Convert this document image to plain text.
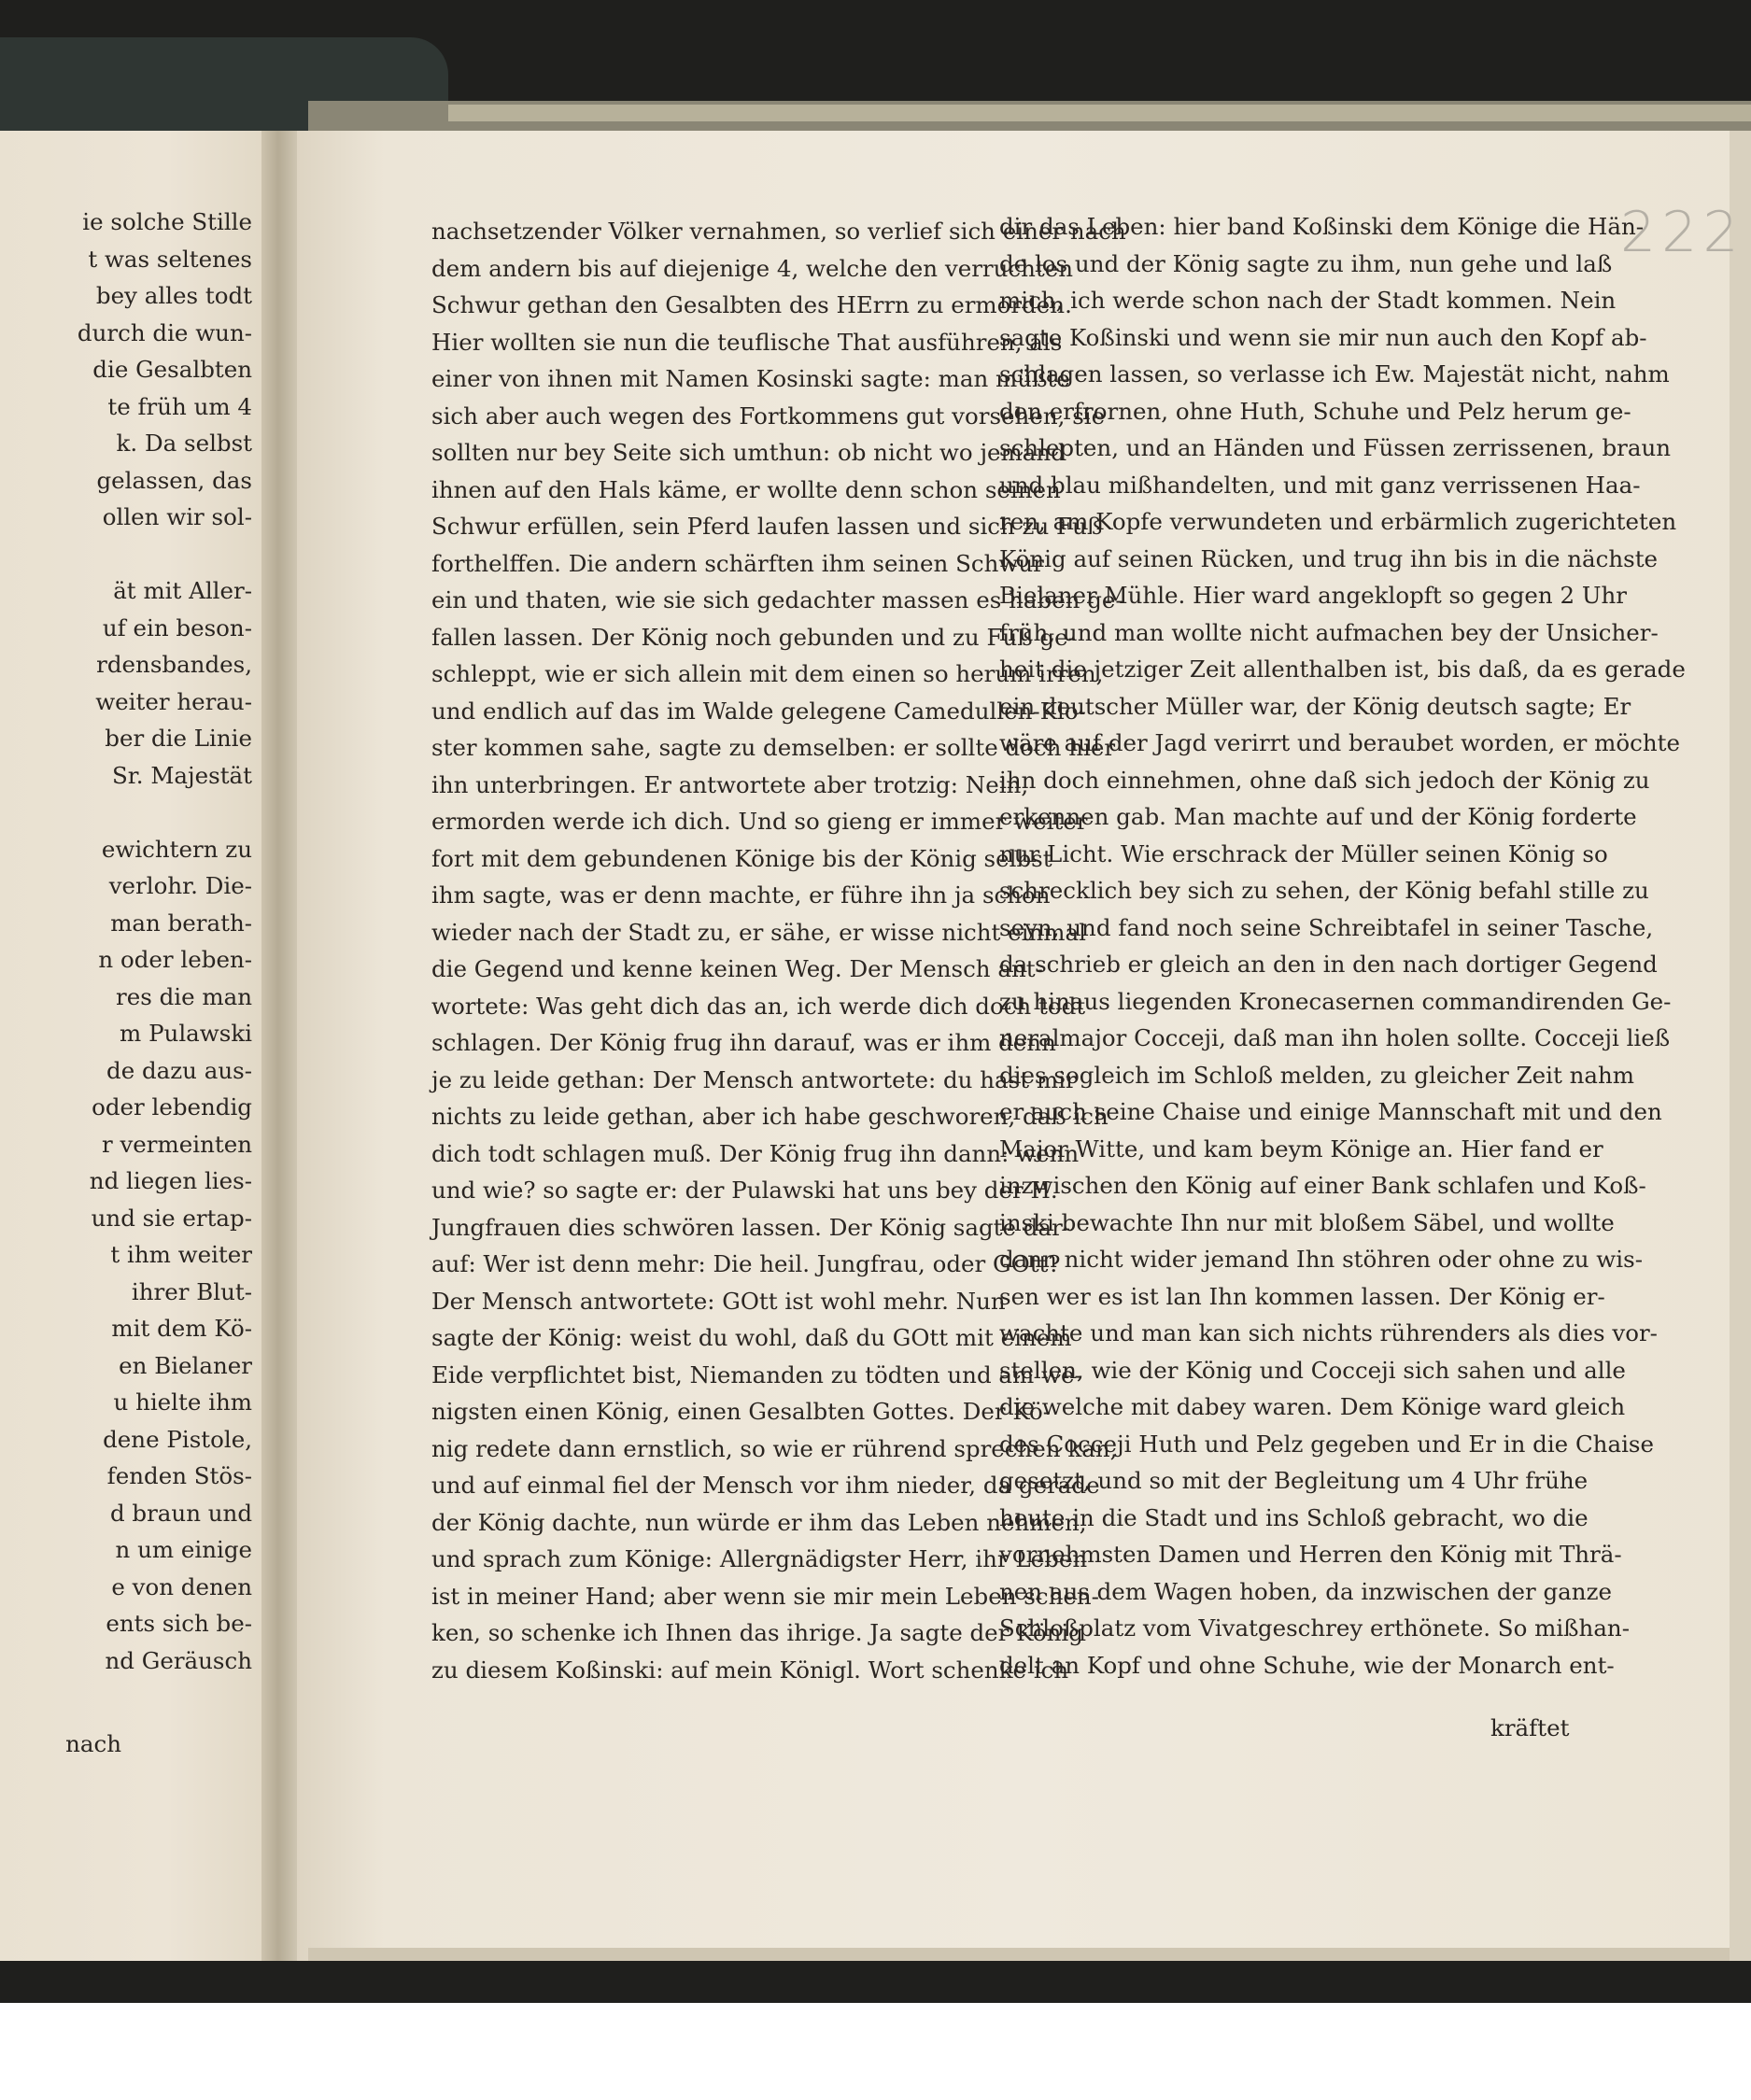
222
ie solche Stille
t was seltenes
bey alles todt
durch die wun-
die Gesalbten
te früh um 4
k. Da selbst
gelassen, das
ollen wir sol-
ät mit Aller-
uf ein beson-
rdensbandes,
weiter herau-
ber die Linie
Sr. Majestät
ewichtern zu
verlohr. Die-
man berath-
n oder leben-
res die man
m Pulawski
de dazu aus-
oder lebendig
r vermeinten
nd liegen lies-
und sie ertap-
t ihm weiter
ihrer Blut-
mit dem Kö-
en Bielaner
u hielte ihm
dene Pistole,
fenden Stös-
d braun und
n um einige
e von denen
ents sich be-
nd Geräusch
nach
nachsetzender Völker vernahmen, so verlief sich einer nach
dem andern bis auf diejenige 4, welche den verruchten
Schwur gethan den Gesalbten des HErrn zu ermorden.
Hier wollten sie nun die teuflische That ausführen, als
einer von ihnen mit Namen Kosinski sagte: man müßte
sich aber auch wegen des Fortkommens gut vorsehen, sie
sollten nur bey Seite sich umthun: ob nicht wo jemand
ihnen auf den Hals käme, er wollte denn schon seinen
Schwur erfüllen, sein Pferd laufen lassen und sich zu Fuß
forthelffen. Die andern schärften ihm seinen Schwur
ein und thaten, wie sie sich gedachter massen es haben ge-
fallen lassen. Der König noch gebunden und zu Fuß ge-
schleppt, wie er sich allein mit dem einen so herum irren,
und endlich auf das im Walde gelegene Camedullen-Klo-
ster kommen sahe, sagte zu demselben: er sollte doch hier
ihn unterbringen. Er antwortete aber trotzig: Nein,
ermorden werde ich dich. Und so gieng er immer weiter
fort mit dem gebundenen Könige bis der König selbst
ihm sagte, was er denn machte, er führe ihn ja schon
wieder nach der Stadt zu, er sähe, er wisse nicht einmal
die Gegend und kenne keinen Weg. Der Mensch ant-
wortete: Was geht dich das an, ich werde dich doch todt
schlagen. Der König frug ihn darauf, was er ihm denn
je zu leide gethan: Der Mensch antwortete: du hast mir
nichts zu leide gethan, aber ich habe geschworen, daß ich
dich todt schlagen muß. Der König frug ihn dann: wenn
und wie? so sagte er: der Pulawski hat uns bey der H.
Jungfrauen dies schwören lassen. Der König sagte dar-
auf: Wer ist denn mehr: Die heil. Jungfrau, oder GOtt?
Der Mensch antwortete: GOtt ist wohl mehr. Nun
sagte der König: weist du wohl, daß du GOtt mit einem
Eide verpflichtet bist, Niemanden zu tödten und am we-
nigsten einen König, einen Gesalbten Gottes. Der Kö-
nig redete dann ernstlich, so wie er rührend sprechen kan,
und auf einmal fiel der Mensch vor ihm nieder, da gerade
der König dachte, nun würde er ihm das Leben nehmen,
und sprach zum Könige: Allergnädigster Herr, ihr Leben
ist in meiner Hand; aber wenn sie mir mein Leben schen-
ken, so schenke ich Ihnen das ihrige. Ja sagte der König
zu diesem Koßinski: auf mein Königl. Wort schenke ich
dir das Leben: hier band Koßinski dem Könige die Hän-
de los und der König sagte zu ihm, nun gehe und laß
mich, ich werde schon nach der Stadt kommen. Nein
sagte Koßinski und wenn sie mir nun auch den Kopf ab-
schlagen lassen, so verlasse ich Ew. Majestät nicht, nahm
den erfrornen, ohne Huth, Schuhe und Pelz herum ge-
schlepten, und an Händen und Füssen zerrissenen, braun
und blau mißhandelten, und mit ganz verrissenen Haa-
ren, am Kopfe verwundeten und erbärmlich zugerichteten
König auf seinen Rücken, und trug ihn bis in die nächste
Bielaner Mühle. Hier ward angeklopft so gegen 2 Uhr
früh, und man wollte nicht aufmachen bey der Unsicher-
heit die jetziger Zeit allenthalben ist, bis daß, da es gerade
ein deutscher Müller war, der König deutsch sagte; Er
wäre auf der Jagd verirrt und beraubet worden, er möchte
ihn doch einnehmen, ohne daß sich jedoch der König zu
erkennen gab. Man machte auf und der König forderte
nur Licht. Wie erschrack der Müller seinen König so
schrecklich bey sich zu sehen, der König befahl stille zu
seyn, und fand noch seine Schreibtafel in seiner Tasche,
da schrieb er gleich an den in den nach dortiger Gegend
zu hinaus liegenden Kronecasernen commandirenden Ge-
neralmajor Coccejі, daß man ihn holen sollte. Cocceji ließ
dies sogleich im Schloß melden, zu gleicher Zeit nahm
er auch seine Chaise und einige Mannschaft mit und den
Major Witte, und kam beym Könige an. Hier fand er
inzwischen den König auf einer Bank schlafen und Koß-
inski bewachte Ihn nur mit bloßem Säbel, und wollte
dann nicht wider jemand Ihn stöhren oder ohne zu wis-
sen wer es ist lan Ihn kommen lassen. Der König er-
wachte und man kan sich nichts rührenders als dies vor-
stellen, wie der König und Cocceji sich sahen und alle
die welche mit dabey waren. Dem Könige ward gleich
des Cocceji Huth und Pelz gegeben und Er in die Chaise
gesetzt, und so mit der Begleitung um 4 Uhr frühe
heute in die Stadt und ins Schloß gebracht, wo die
vornehmsten Damen und Herren den König mit Thrä-
nen aus dem Wagen hoben, da inzwischen der ganze
Schloßplatz vom Vivatgeschrey erthönete. So mißhan-
delt an Kopf und ohne Schuhe, wie der Monarch ent-
kräftet
